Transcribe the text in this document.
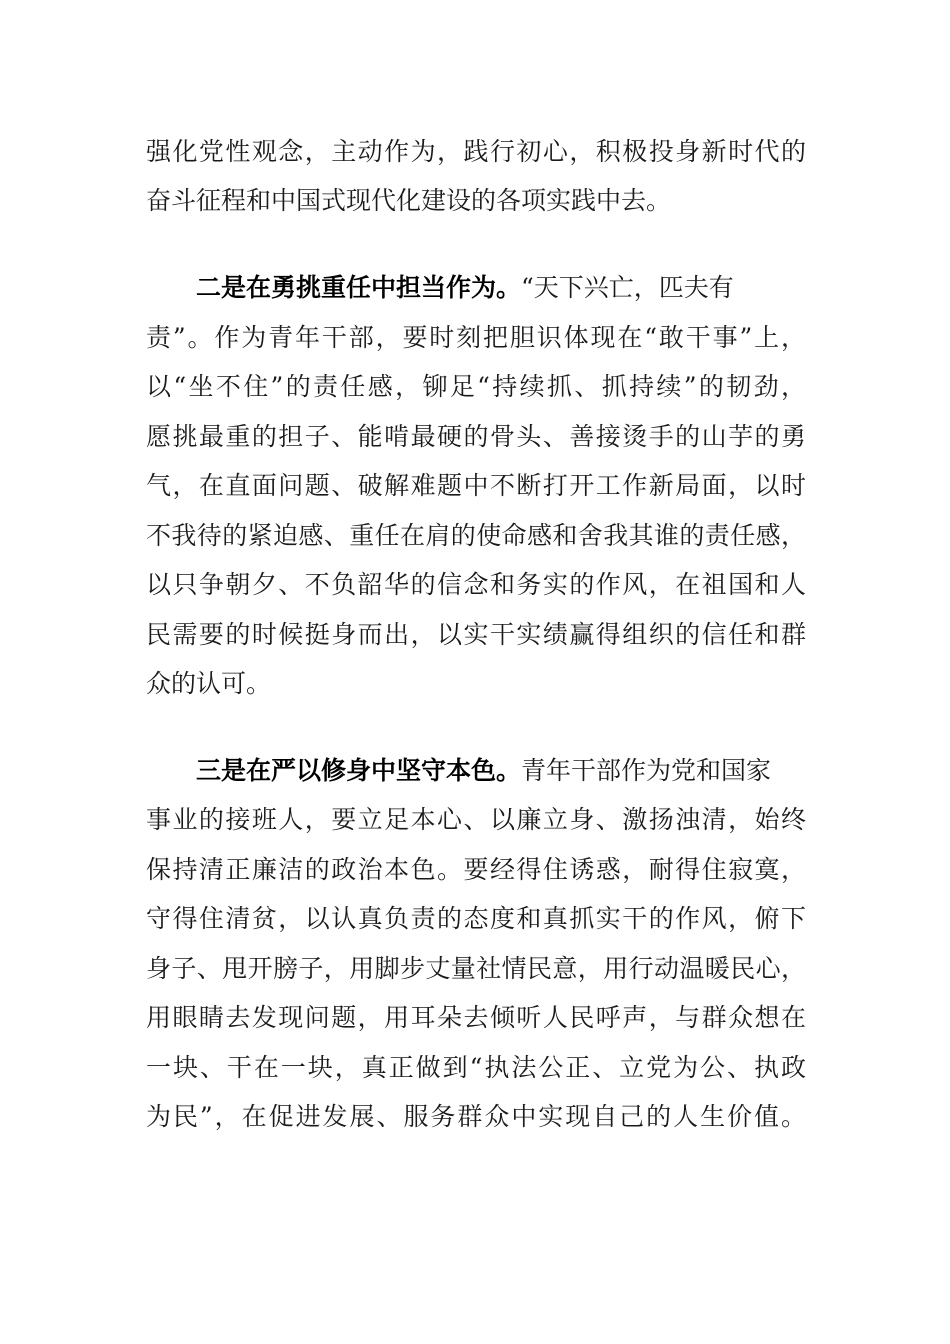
强化党性观念，主动作为，践行初心，积极投身新时代的
奋斗征程和中国式现代化建设的各项实践中去。
二是在勇挑重任中担当作为。“天下兴亡，匹夫有
责”。作为青年干部，要时刻把胆识体现在“敢干事”上，
以“坐不住”的责任感，铆足“持续抓、抓持续”的韧劲，
愿挑最重的担子、能啃最硬的骨头、善接烫手的山芋的勇
气，在直面问题、破解难题中不断打开工作新局面，以时
不我待的紧迫感、重任在肩的使命感和舍我其谁的责任感，
以只争朝夕、不负韶华的信念和务实的作风，在祖国和人
民需要的时候挺身而出，以实干实绩赢得组织的信任和群
众的认可。
三是在严以修身中坚守本色。青年干部作为党和国家
事业的接班人，要立足本心、以廉立身、激扬浊清，始终
保持清正廉洁的政治本色。要经得住诱惑，耐得住寂寞，
守得住清贫，以认真负责的态度和真抓实干的作风，俯下
身子、甩开膀子，用脚步丈量社情民意，用行动温暖民心，
用眼睛去发现问题，用耳朵去倾听人民呼声，与群众想在
一块、干在一块，真正做到“执法公正、立党为公、执政
为民”，在促进发展、服务群众中实现自己的人生价值。
